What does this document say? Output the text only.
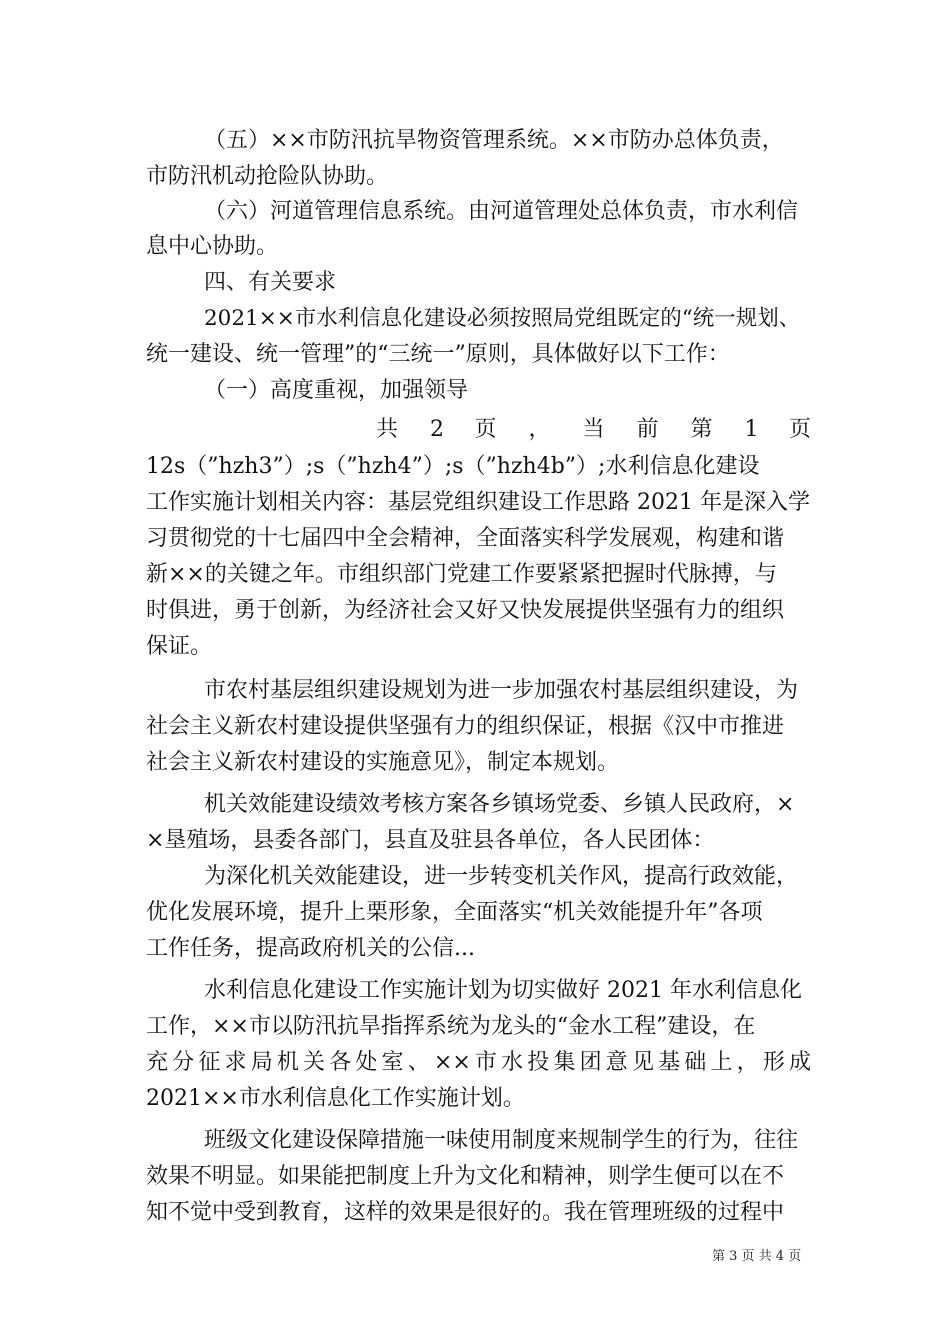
（五）××市防汛抗旱物资管理系统。××市防办总体负责，
市防汛机动抢险队协助。
（六）河道管理信息系统。由河道管理处总体负责，市水利信
息中心协助。
四、有关要求
2021××市水利信息化建设必须按照局党组既定的“统一规划、
统一建设、统一管理”的“三统一”原则，具体做好以下工作：
（一）高度重视，加强领导
共 2 页 ， 当 前 第 1 页
12s（”hzh3”）;s（”hzh4”）;s（”hzh4b”）;水利信息化建设
工作实施计划相关内容：基层党组织建设工作思路 2021 年是深入学
习贯彻党的十七届四中全会精神，全面落实科学发展观，构建和谐
新××的关键之年。市组织部门党建工作要紧紧把握时代脉搏，与
时俱进，勇于创新，为经济社会又好又快发展提供坚强有力的组织
保证。
市农村基层组织建设规划为进一步加强农村基层组织建设，为
社会主义新农村建设提供坚强有力的组织保证，根据《汉中市推进
社会主义新农村建设的实施意见》，制定本规划。
机关效能建设绩效考核方案各乡镇场党委、乡镇人民政府，×
×垦殖场，县委各部门，县直及驻县各单位，各人民团体：
为深化机关效能建设，进一步转变机关作风，提高行政效能，
优化发展环境，提升上栗形象，全面落实“机关效能提升年”各项
工作任务，提高政府机关的公信...
水利信息化建设工作实施计划为切实做好 2021 年水利信息化
工作，××市以防汛抗旱指挥系统为龙头的“金水工程”建设，在
充分征求局机关各处室、××市水投集团意见基础上，形成
2021××市水利信息化工作实施计划。
班级文化建设保障措施一味使用制度来规制学生的行为，往往
效果不明显。如果能把制度上升为文化和精神，则学生便可以在不
知不觉中受到教育，这样的效果是很好的。我在管理班级的过程中
第 3 页 共 4 页
